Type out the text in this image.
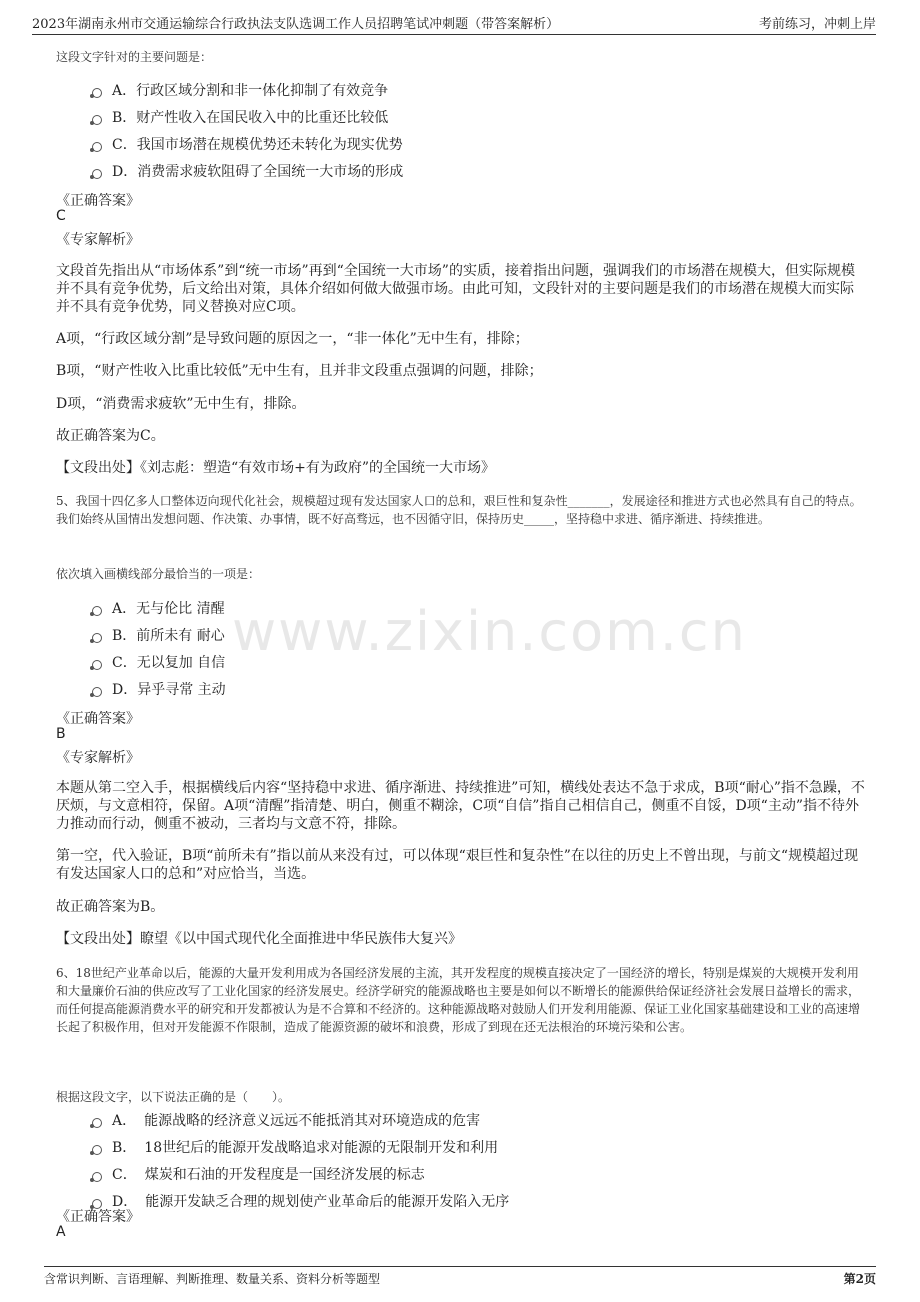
2023年湖南永州市交通运输综合行政执法支队选调工作人员招聘笔试冲刺题（带答案解析）	考前练习，冲刺上岸
www.zixin.com.cn
这段文字针对的主要问题是：
A． 行政区域分割和非一体化抑制了有效竞争
B． 财产性收入在国民收入中的比重还比较低
C． 我国市场潜在规模优势还未转化为现实优势
D． 消费需求疲软阻碍了全国统一大市场的形成
《正确答案》
C
《专家解析》
文段首先指出从“市场体系”到“统一市场”再到“全国统一大市场”的实质，接着指出问题，强调我们的市场潜在规模大，但实际规模并不具有竞争优势，后文给出对策，具体介绍如何做大做强市场。由此可知，文段针对的主要问题是我们的市场潜在规模大而实际并不具有竞争优势，同义替换对应C项。
A项，“行政区域分割”是导致问题的原因之一，“非一体化”无中生有，排除；
B项，“财产性收入比重比较低”无中生有，且并非文段重点强调的问题，排除；
D项，“消费需求疲软”无中生有，排除。
故正确答案为C。
【文段出处】《刘志彪：塑造“有效市场+有为政府”的全国统一大市场》
5、我国十四亿多人口整体迈向现代化社会，规模超过现有发达国家人口的总和，艰巨性和复杂性_______，发展途径和推进方式也必然具有自己的特点。我们始终从国情出发想问题、作决策、办事情，既不好高骛远，也不因循守旧，保持历史_____，坚持稳中求进、循序渐进、持续推进。
依次填入画横线部分最恰当的一项是：
A． 无与伦比 清醒
B． 前所未有 耐心
C． 无以复加 自信
D． 异乎寻常 主动
《正确答案》
B
《专家解析》
本题从第二空入手，根据横线后内容“坚持稳中求进、循序渐进、持续推进”可知，横线处表达不急于求成，B项“耐心”指不急躁，不厌烦，与文意相符，保留。A项“清醒”指清楚、明白，侧重不糊涂，C项“自信”指自己相信自己，侧重不自馁，D项“主动”指不待外力推动而行动，侧重不被动，三者均与文意不符，排除。
第一空，代入验证，B项“前所未有”指以前从来没有过，可以体现“艰巨性和复杂性”在以往的历史上不曾出现，与前文“规模超过现有发达国家人口的总和”对应恰当，当选。
故正确答案为B。
【文段出处】瞭望《以中国式现代化全面推进中华民族伟大复兴》
6、18世纪产业革命以后，能源的大量开发利用成为各国经济发展的主流，其开发程度的规模直接决定了一国经济的增长，特别是煤炭的大规模开发利用和大量廉价石油的供应改写了工业化国家的经济发展史。经济学研究的能源战略也主要是如何以不断增长的能源供给保证经济社会发展日益增长的需求，而任何提高能源消费水平的研究和开发都被认为是不合算和不经济的。这种能源战略对鼓励人们开发利用能源、保证工业化国家基础建设和工业的高速增长起了积极作用，但对开发能源不作限制，造成了能源资源的破坏和浪费，形成了到现在还无法根治的环境污染和公害。
根据这段文字，以下说法正确的是（　　）。
A． 能源战略的经济意义远远不能抵消其对环境造成的危害
B． 18世纪后的能源开发战略追求对能源的无限制开发和利用
C． 煤炭和石油的开发程度是一国经济发展的标志
D． 能源开发缺乏合理的规划使产业革命后的能源开发陷入无序
《正确答案》
A
含常识判断、言语理解、判断推理、数量关系、资料分析等题型	第2页
